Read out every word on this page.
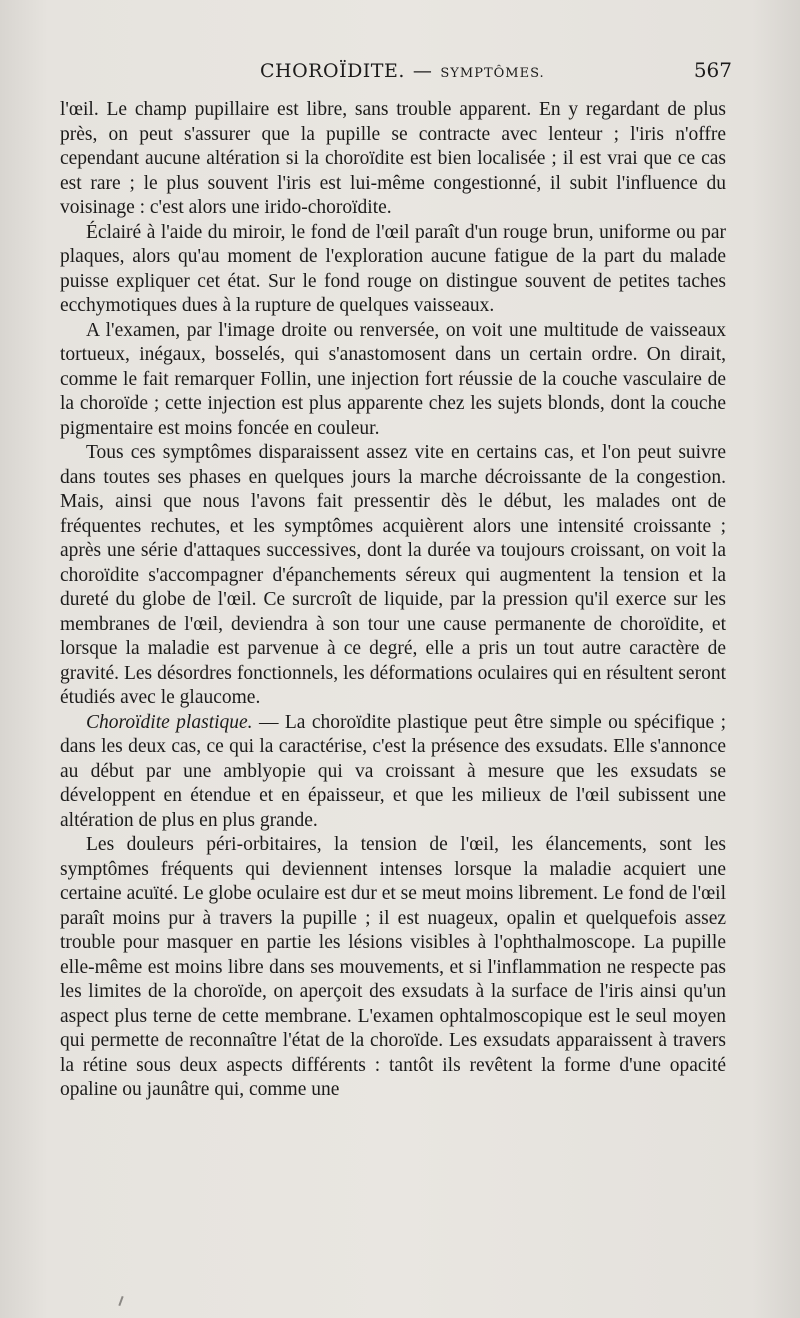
CHOROÏDITE. — SYMPTÔMES.	567

l'œil. Le champ pupillaire est libre, sans trouble apparent. En y regardant de plus près, on peut s'assurer que la pupille se contracte avec lenteur ; l'iris n'offre cependant aucune altération si la choroïdite est bien localisée ; il est vrai que ce cas est rare ; le plus souvent l'iris est lui-même congestionné, il subit l'influence du voisinage : c'est alors une irido-choroïdite.

Éclairé à l'aide du miroir, le fond de l'œil paraît d'un rouge brun, uniforme ou par plaques, alors qu'au moment de l'exploration aucune fatigue de la part du malade puisse expliquer cet état. Sur le fond rouge on distingue souvent de petites taches ecchymotiques dues à la rupture de quelques vaisseaux.

A l'examen, par l'image droite ou renversée, on voit une multitude de vaisseaux tortueux, inégaux, bosselés, qui s'anastomosent dans un certain ordre. On dirait, comme le fait remarquer Follin, une injection fort réussie de la couche vasculaire de la choroïde ; cette injection est plus apparente chez les sujets blonds, dont la couche pigmentaire est moins foncée en couleur.

Tous ces symptômes disparaissent assez vite en certains cas, et l'on peut suivre dans toutes ses phases en quelques jours la marche décroissante de la congestion. Mais, ainsi que nous l'avons fait pressentir dès le début, les malades ont de fréquentes rechutes, et les symptômes acquièrent alors une intensité croissante ; après une série d'attaques successives, dont la durée va toujours croissant, on voit la choroïdite s'accompagner d'épanchements séreux qui augmentent la tension et la dureté du globe de l'œil. Ce surcroît de liquide, par la pression qu'il exerce sur les membranes de l'œil, deviendra à son tour une cause permanente de choroïdite, et lorsque la maladie est parvenue à ce degré, elle a pris un tout autre caractère de gravité. Les désordres fonctionnels, les déformations oculaires qui en résultent seront étudiés avec le glaucome.

Choroïdite plastique. — La choroïdite plastique peut être simple ou spécifique ; dans les deux cas, ce qui la caractérise, c'est la présence des exsudats. Elle s'annonce au début par une amblyopie qui va croissant à mesure que les exsudats se développent en étendue et en épaisseur, et que les milieux de l'œil subissent une altération de plus en plus grande.

Les douleurs péri-orbitaires, la tension de l'œil, les élancements, sont les symptômes fréquents qui deviennent intenses lorsque la maladie acquiert une certaine acuïté. Le globe oculaire est dur et se meut moins librement. Le fond de l'œil paraît moins pur à travers la pupille ; il est nuageux, opalin et quelquefois assez trouble pour masquer en partie les lésions visibles à l'ophthalmoscope. La pupille elle-même est moins libre dans ses mouvements, et si l'inflammation ne respecte pas les limites de la choroïde, on aperçoit des exsudats à la surface de l'iris ainsi qu'un aspect plus terne de cette membrane. L'examen ophtalmoscopique est le seul moyen qui permette de reconnaître l'état de la choroïde. Les exsudats apparaissent à travers la rétine sous deux aspects différents : tantôt ils revêtent la forme d'une opacité opaline ou jaunâtre qui, comme une
